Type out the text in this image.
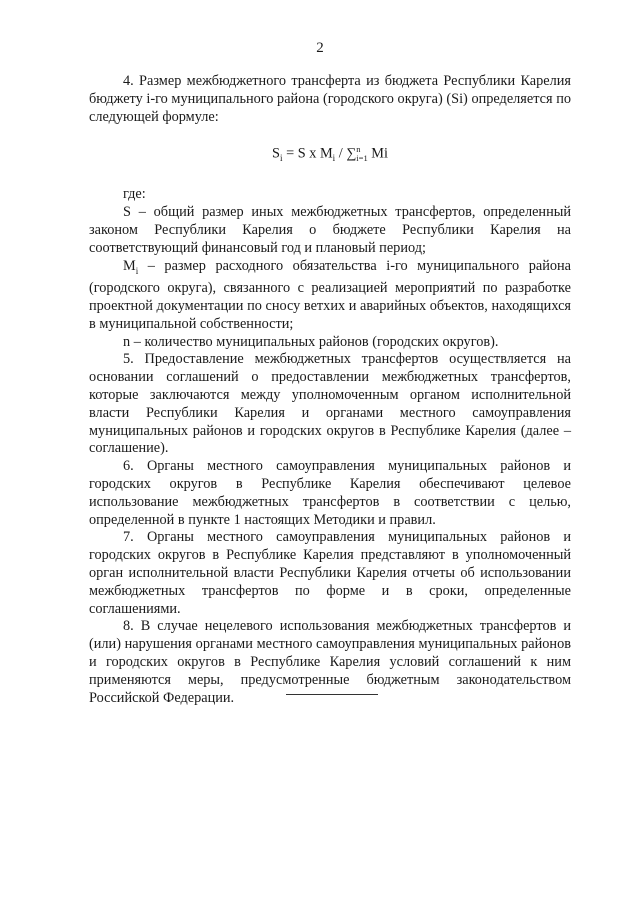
2

4. Размер межбюджетного трансферта из бюджета Республики Карелия бюджету i-го муниципального района (городского округа) (Si) определяется по следующей формуле:

$S_i = S$ x $M_i$ / ∑ n
i=1 Mi

где:

S – общий размер иных межбюджетных трансфертов, определенный законом Республики Карелия о бюджете Республики Карелия на соответствующий финансовый год и плановый период;

$M_i$ – размер расходного обязательства i-го муниципального района (городского округа), связанного с реализацией мероприятий по разработке проектной документации по сносу ветхих и аварийных объектов, находящихся в муниципальной собственности;

n – количество муниципальных районов (городских округов).

5. Предоставление межбюджетных трансфертов осуществляется на основании соглашений о предоставлении межбюджетных трансфертов, которые заключаются между уполномоченным органом исполнительной власти Республики Карелия и органами местного самоуправления муниципальных районов и городских округов в Республике Карелия (далее – соглашение).

6. Органы местного самоуправления муниципальных районов и городских округов в Республике Карелия обеспечивают целевое использование межбюджетных трансфертов в соответствии с целью, определенной в пункте 1 настоящих Методики и правил.

7. Органы местного самоуправления муниципальных районов и городских округов в Республике Карелия представляют в уполномоченный орган исполнительной власти Республики Карелия отчеты об использовании межбюджетных трансфертов по форме и в сроки, определенные соглашениями.

8. В случае нецелевого использования межбюджетных трансфертов и (или) нарушения органами местного самоуправления муниципальных районов и городских округов в Республике Карелия условий соглашений к ним применяются меры, предусмотренные бюджетным законодательством Российской Федерации.
